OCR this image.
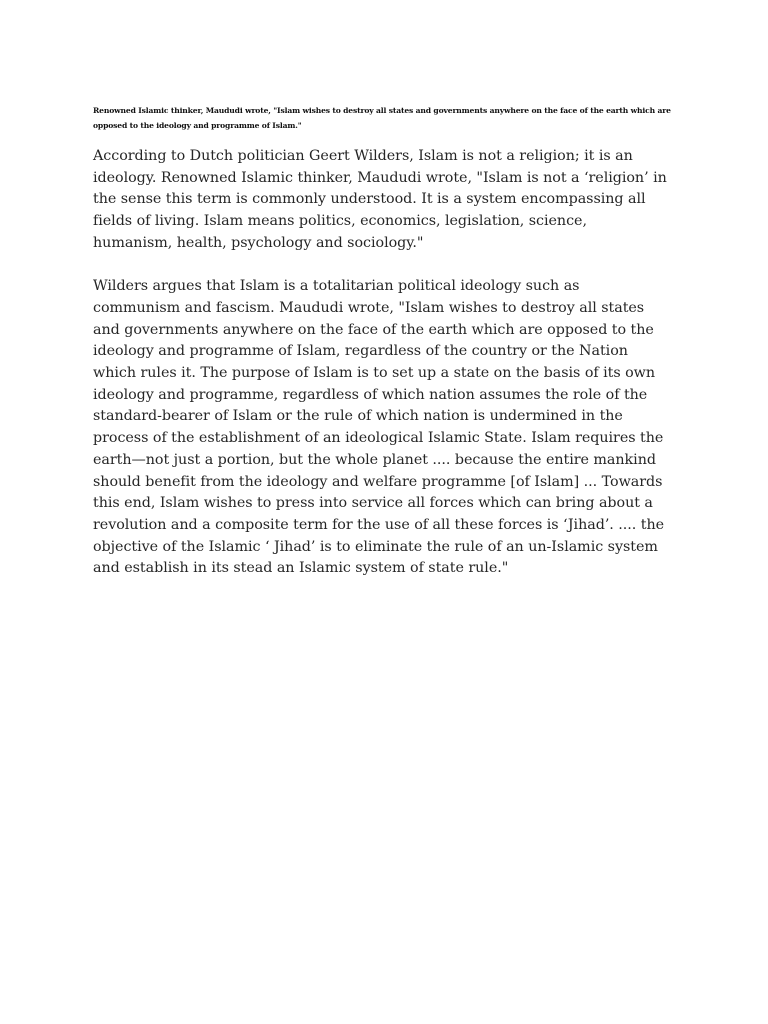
Renowned Islamic thinker, Maududi wrote, "Islam wishes to destroy all states and governments anywhere on the face of the earth which are opposed to the ideology and programme of Islam."

According to Dutch politician Geert Wilders, Islam is not a religion; it is an ideology. Renowned Islamic thinker, Maududi wrote, "Islam is not a ‘religion’ in the sense this term is commonly understood. It is a system encompassing all fields of living. Islam means politics, economics, legislation, science, humanism, health, psychology and sociology."

Wilders argues that Islam is a totalitarian political ideology such as communism and fascism. Maududi wrote, "Islam wishes to destroy all states and governments anywhere on the face of the earth which are opposed to the ideology and programme of Islam, regardless of the country or the Nation which rules it. The purpose of Islam is to set up a state on the basis of its own ideology and programme, regardless of which nation assumes the role of the standard-bearer of Islam or the rule of which nation is undermined in the process of the establishment of an ideological Islamic State. Islam requires the earth—not just a portion, but the whole planet .... because the entire mankind should benefit from the ideology and welfare programme [of Islam] ... Towards this end, Islam wishes to press into service all forces which can bring about a revolution and a composite term for the use of all these forces is ‘Jihad’. .... the objective of the Islamic ‘ Jihad’ is to eliminate the rule of an un-Islamic system and establish in its stead an Islamic system of state rule."
